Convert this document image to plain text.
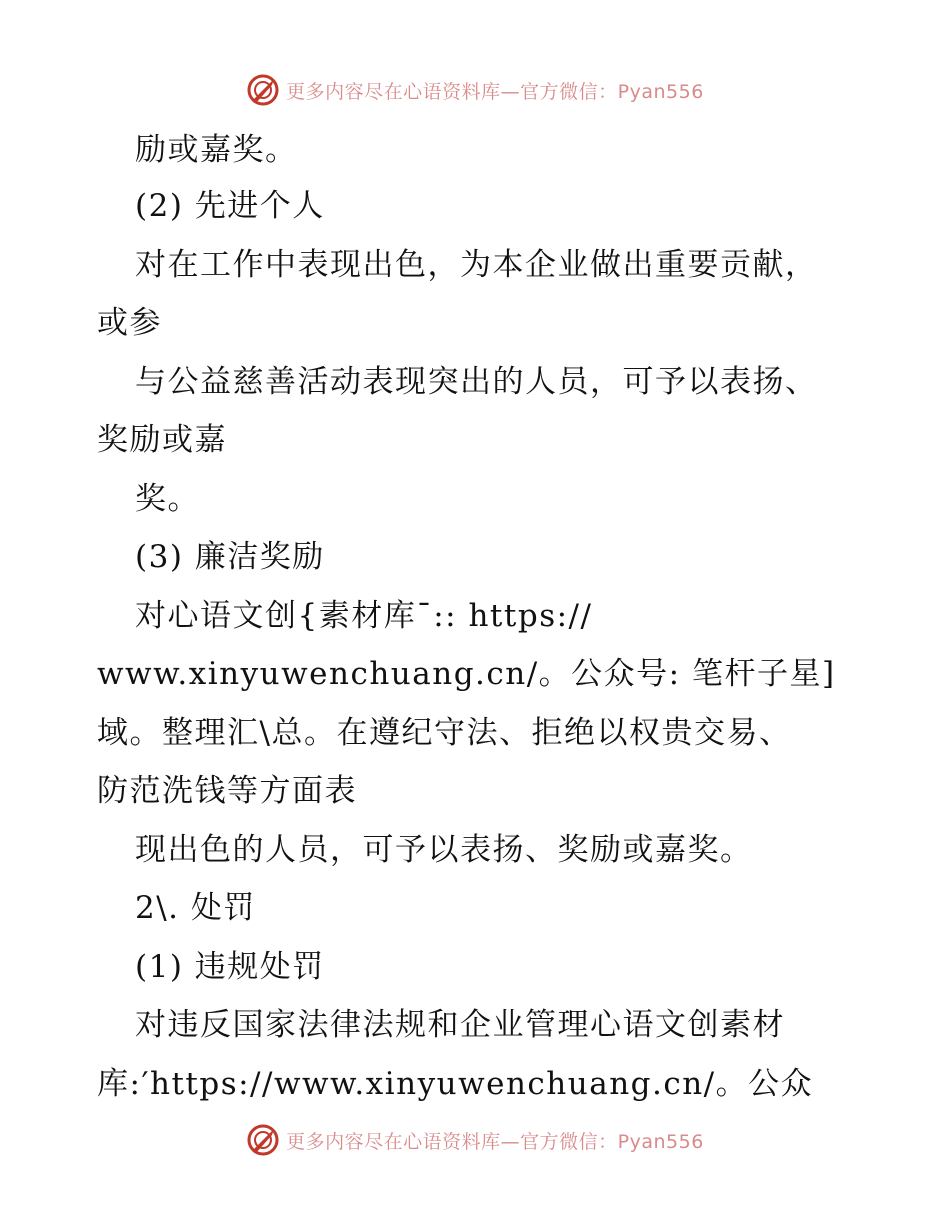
更多内容尽在心语资料库—官方微信：Pyan556
励或嘉奖。
(2) 先进个人
对在工作中表现出色，为本企业做出重要贡献，
或参
与公益慈善活动表现突出的人员，可予以表扬、
奖励或嘉
奖。
(3) 廉洁奖励
对心语文创{素材库¯:: https://
www.xinyuwenchuang.cn/。公众号: 笔杆子星]
域。整理汇\总。在遵纪守法、拒绝以权贵交易、
防范洗钱等方面表
现出色的人员，可予以表扬、奖励或嘉奖。
2\. 处罚
(1) 违规处罚
对违反国家法律法规和企业管理心语文创素材
库:′https://www.xinyuwenchuang.cn/。公众
更多内容尽在心语资料库—官方微信：Pyan556
